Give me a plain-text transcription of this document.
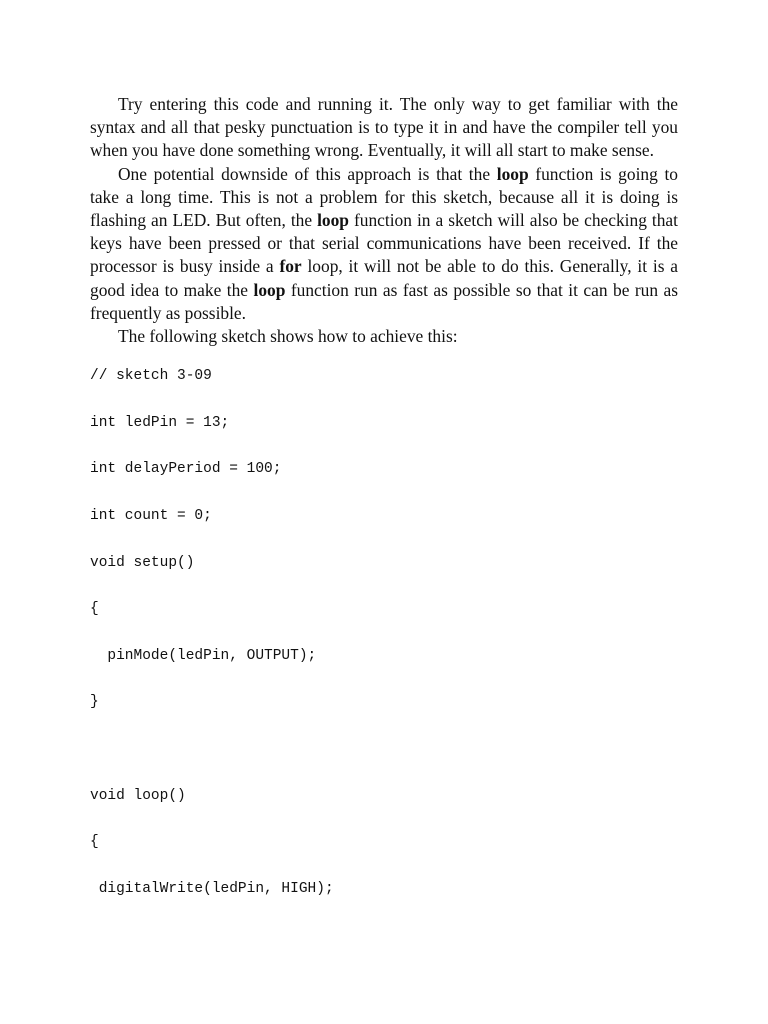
Try entering this code and running it. The only way to get familiar with the syntax and all that pesky punctuation is to type it in and have the compiler tell you when you have done something wrong. Eventually, it will all start to make sense.

One potential downside of this approach is that the loop function is going to take a long time. This is not a problem for this sketch, because all it is doing is flashing an LED. But often, the loop function in a sketch will also be checking that keys have been pressed or that serial communications have been received. If the processor is busy inside a for loop, it will not be able to do this. Generally, it is a good idea to make the loop function run as fast as possible so that it can be run as frequently as possible.

The following sketch shows how to achieve this:

// sketch 3-09
int ledPin = 13;
int delayPeriod = 100;
int count = 0;
void setup()
{
pinMode(ledPin, OUTPUT);
}
void loop()
{
digitalWrite(ledPin, HIGH);
